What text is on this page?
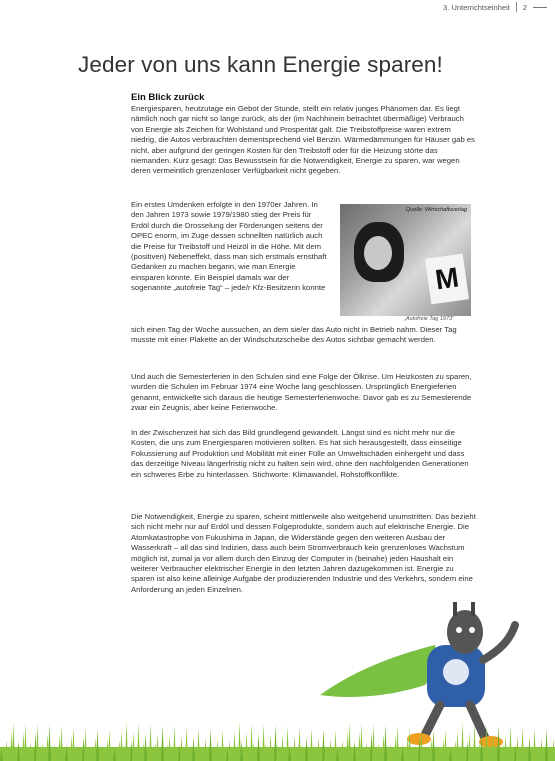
3. Unterrichtseinheit 2
Jeder von uns kann Energie sparen!
Ein Blick zurück

Energiesparen, heutzutage ein Gebot der Stunde, stellt ein relativ junges Phänomen dar. Es liegt nämlich noch gar nicht so lange zurück, als der (im Nachhinein betrachtet übermäßige) Verbrauch von Energie als Zeichen für Wohlstand und Prosperität galt. Die Treibstoffpreise waren extrem niedrig, die Autos verbrauchten dementsprechend viel Benzin. Wärmedämmungen für Häuser gab es nicht, aber aufgrund der geringen Kosten für den Treibstoff oder für die Heizung störte das niemanden. Kurz gesagt: Das Bewusstsein für die Notwendigkeit, Energie zu sparen, war wegen deren vermeintlich grenzenloser Verfügbarkeit nicht gegeben.

Ein erstes Umdenken erfolgte in den 1970er Jahren. In den Jahren 1973 sowie 1979/1980 stieg der Preis für Erdöl durch die Drosselung der Förderungen seitens der OPEC enorm, im Zuge dessen schnellten natürlich auch die Preise für Treibstoff und Heizöl in die Höhe. Mit dem (positiven) Nebeneffekt, dass man sich erstmals ernsthaft Gedanken zu machen begann, wie man Energie einsparen könnte. Ein Beispiel damals war der sogenannte „autofreie Tag“ – jede/r Kfz-Besitzerin konnte

sich einen Tag der Woche aussuchen, an dem sie/er das Auto nicht in Betrieb nahm. Dieser Tag musste mit einer Plakette an der Windschutzscheibe des Autos sichtbar gemacht werden.

Und auch die Semesterferien in den Schulen sind eine Folge der Ölkrise. Um Heizkosten zu sparen, wurden die Schulen im Februar 1974 eine Woche lang geschlossen. Ursprünglich Energieferien genannt, entwickelte sich daraus die heutige Semesterferienwoche. Davor gab es zu Semesterende zwar ein Zeugnis, aber keine Ferienwoche.

In der Zwischenzeit hat sich das Bild grundlegend gewandelt. Längst sind es nicht mehr nur die Kosten, die uns zum Energiesparen motivieren sollten. Es hat sich herausgestellt, dass einseitige Fokussierung auf Produktion und Mobilität mit einer Fülle an Umweltschäden einhergeht und dass das derzeitige Niveau längerfristig nicht zu halten sein wird, ohne den nachfolgenden Generationen ein schweres Erbe zu hinterlassen. Stichworte: Klimawandel, Rohstoffkonflikte.

Die Notwendigkeit, Energie zu sparen, scheint mittlerweile also weitgehend unumstritten. Das bezieht sich nicht mehr nur auf Erdöl und dessen Folgeprodukte, sondern auch auf elektrische Energie. Die Atomkatastrophe von Fukushima in Japan, die Widerstände gegen den weiteren Ausbau der Wasserkraft – all das sind Indizien, dass auch beim Stromverbrauch kein grenzenloses Wachstum möglich ist, zumal ja vor allem durch den Einzug der Computer in (beinahe) jeden Haushalt ein weiterer Verbraucher elektrischer Energie in den letzten Jahren dazugekommen ist. Energie zu sparen ist also keine alleinige Aufgabe der produzierenden Industrie und des Verkehrs, sondern eine Anforderung an jeden Einzelnen.

M
Quelle: Wirtschaftsverlag
„Autofreie Tag 1973“
